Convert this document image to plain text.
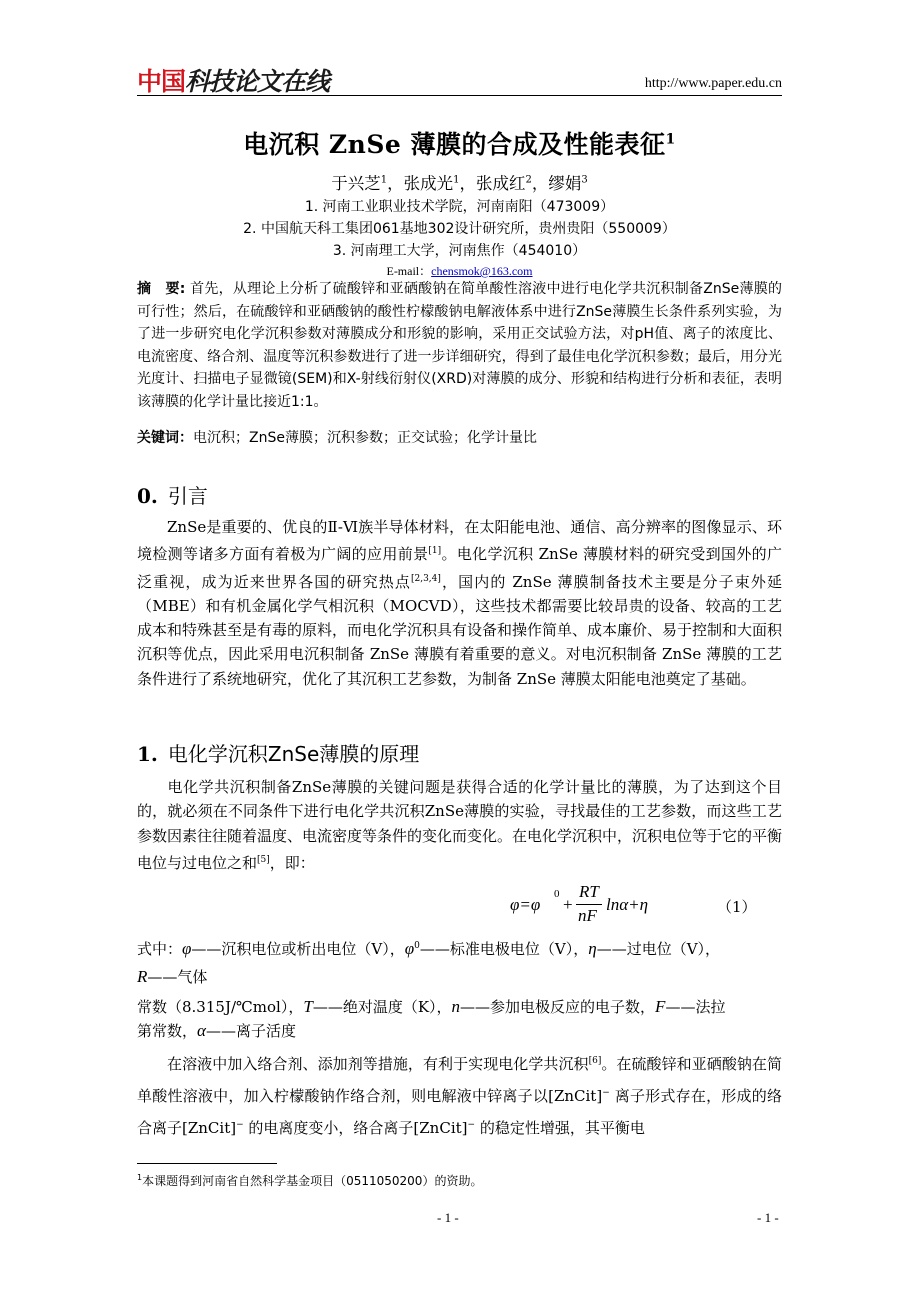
中国 科技论文在线	http://www.paper.edu.cn
电沉积 ZnSe 薄膜的合成及性能表征$^1$
于兴芝$^1$，张成光$^1$，张成红$^2$，缪娟$^3$
1. 河南工业职业技术学院，河南南阳（473009）
2. 中国航天科工集团061基地302设计研究所，贵州贵阳（550009）
3. 河南理工大学，河南焦作（454010）
E-mail：chensmok@163.com
摘　要: 首先，从理论上分析了硫酸锌和亚硒酸钠在简单酸性溶液中进行电化学共沉积制备ZnSe薄膜的可行性；然后，在硫酸锌和亚硒酸钠的酸性柠檬酸钠电解液体系中进行ZnSe薄膜生长条件系列实验，为了进一步研究电化学沉积参数对薄膜成分和形貌的影响，采用正交试验方法，对pH值、离子的浓度比、电流密度、络合剂、温度等沉积参数进行了进一步详细研究，得到了最佳电化学沉积参数；最后，用分光光度计、扫描电子显微镜(SEM)和X-射线衍射仪(XRD)对薄膜的成分、形貌和结构进行分析和表征，表明该薄膜的化学计量比接近1:1。
关键词：电沉积；ZnSe薄膜；沉积参数；正交试验；化学计量比
0. 引言
ZnSe是重要的、优良的Ⅱ-Ⅵ族半导体材料，在太阳能电池、通信、高分辨率的图像显示、环境检测等诸多方面有着极为广阔的应用前景[1]。电化学沉积 ZnSe 薄膜材料的研究受到国外的广泛重视，成为近来世界各国的研究热点[2,3,4]，国内的 ZnSe 薄膜制备技术主要是分子束外延（MBE）和有机金属化学气相沉积（MOCVD），这些技术都需要比较昂贵的设备、较高的工艺成本和特殊甚至是有毒的原料，而电化学沉积具有设备和操作简单、成本廉价、易于控制和大面积沉积等优点，因此采用电沉积制备 ZnSe 薄膜有着重要的意义。对电沉积制备 ZnSe 薄膜的工艺条件进行了系统地研究，优化了其沉积工艺参数，为制备 ZnSe 薄膜太阳能电池奠定了基础。
1. 电化学沉积ZnSe薄膜的原理
电化学共沉积制备ZnSe薄膜的关键问题是获得合适的化学计量比的薄膜，为了达到这个目的，就必须在不同条件下进行电化学共沉积ZnSe薄膜的实验，寻找最佳的工艺参数，而这些工艺参数因素往往随着温度、电流密度等条件的变化而变化。在电化学沉积中，沉积电位等于它的平衡电位与过电位之和[5]，即：
φ=φ
0
+
RT
nF
lnα+η	（1）
式中：φ——沉积电位或析出电位（V），$\varphi^0——$标准电极电位（V），η——过电位（V），
R——气体
常数（8.315J/℃mol），T——绝对温度（K），n——参加电极反应的电子数，F——法拉
第常数，α——离子活度
在溶液中加入络合剂、添加剂等措施，有利于实现电化学共沉积[6]。在硫酸锌和亚硒酸钠在简单酸性溶液中，加入柠檬酸钠作络合剂，则电解液中锌离子以[ZnCit]− 离子形式存在，形成的络合离子[ZnCit]− 的电离度变小，络合离子[ZnCit]− 的稳定性增强，其平衡电
$^1$本课题得到河南省自然科学基金项目（0511050200）的资助。
- 1 -	- 1 -
